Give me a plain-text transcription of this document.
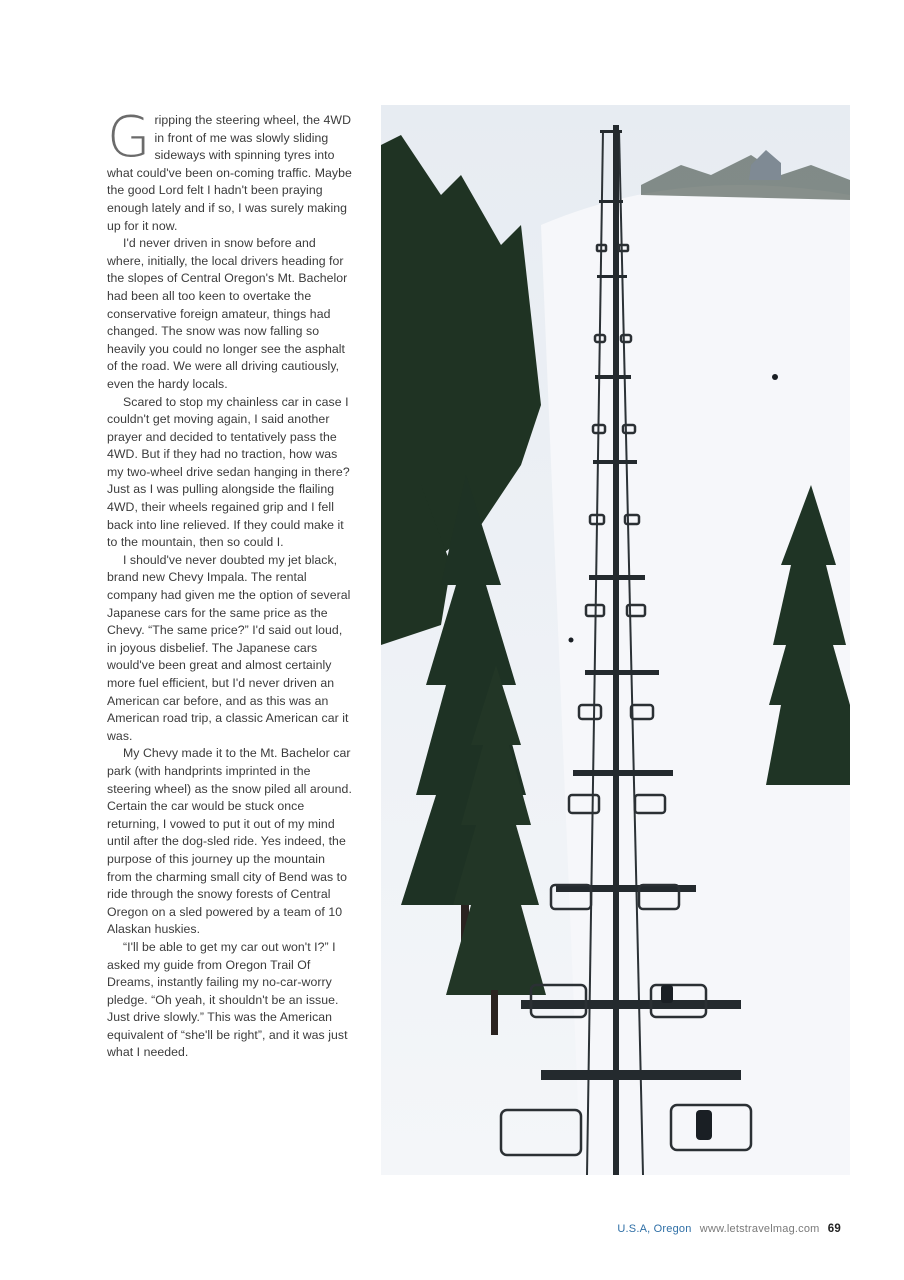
Gripping the steering wheel, the 4WD in front of me was slowly sliding sideways with spinning tyres into what could've been on-coming traffic. Maybe the good Lord felt I hadn't been praying enough lately and if so, I was surely making up for it now.

I'd never driven in snow before and where, initially, the local drivers heading for the slopes of Central Oregon's Mt. Bachelor had been all too keen to overtake the conservative foreign amateur, things had changed. The snow was now falling so heavily you could no longer see the asphalt of the road. We were all driving cautiously, even the hardy locals.

Scared to stop my chainless car in case I couldn't get moving again, I said another prayer and decided to tentatively pass the 4WD. But if they had no traction, how was my two-wheel drive sedan hanging in there? Just as I was pulling alongside the flailing 4WD, their wheels regained grip and I fell back into line relieved. If they could make it to the mountain, then so could I.

I should've never doubted my jet black, brand new Chevy Impala. The rental company had given me the option of several Japanese cars for the same price as the Chevy. “The same price?” I'd said out loud, in joyous disbelief. The Japanese cars would've been great and almost certainly more fuel efficient, but I'd never driven an American car before, and as this was an American road trip, a classic American car it was.

My Chevy made it to the Mt. Bachelor car park (with handprints imprinted in the steering wheel) as the snow piled all around. Certain the car would be stuck once returning, I vowed to put it out of my mind until after the dog-sled ride. Yes indeed, the purpose of this journey up the mountain from the charming small city of Bend was to ride through the snowy forests of Central Oregon on a sled powered by a team of 10 Alaskan huskies.

“I'll be able to get my car out won't I?” I asked my guide from Oregon Trail Of Dreams, instantly failing my no-car-worry pledge. “Oh yeah, it shouldn't be an issue. Just drive slowly.” This was the American equivalent of “she'll be right”, and it was just what I needed.

U.S.A, Oregon www.letstravelmag.com 69
